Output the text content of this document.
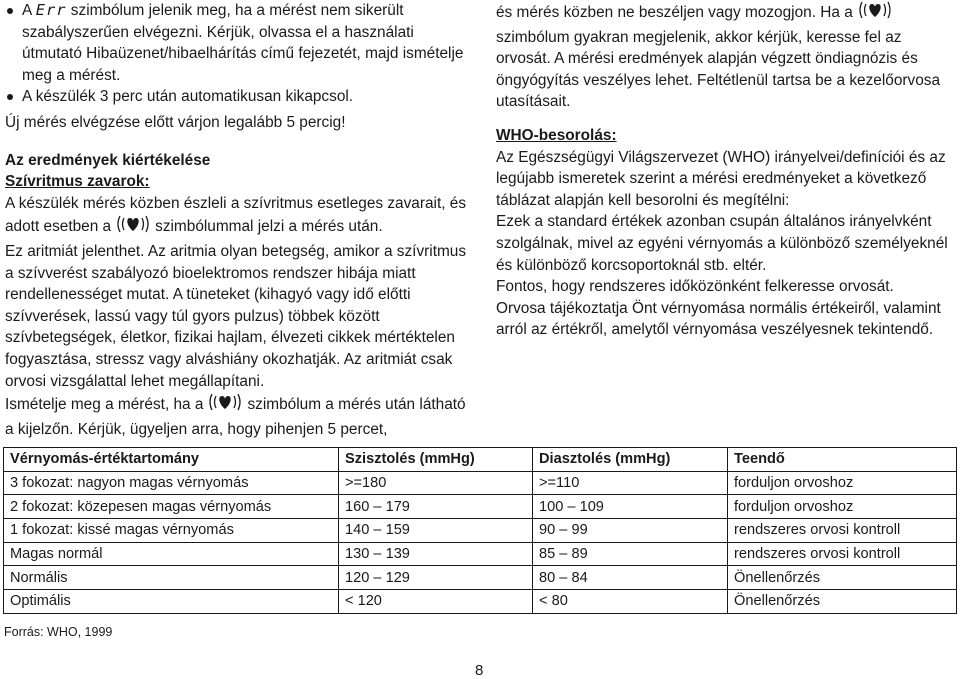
A Err szimbólum jelenik meg, ha a mérést nem sikerült szabályszerűen elvégezni. Kérjük, olvassa el a használati útmutató Hibaüzenet/hibaelhárítás című fejezetét, majd ismételje meg a mérést.

A készülék 3 perc után automatikusan kikapcsol.

Új mérés elvégzése előtt várjon legalább 5 percig!

Az eredmények kiértékelése

Szívritmus zavarok:

A készülék mérés közben észleli a szívritmus esetleges zavarait, és adott esetben a	szimbólummal jelzi a mérés után.

Ez aritmiát jelenthet. Az aritmia olyan betegség, amikor a szívritmus a szívverést szabályozó bioelektromos rendszer hibája miatt rendellenességet mutat. A tüneteket (kihagyó vagy idő előtti szívverések, lassú vagy túl gyors pulzus) többek között szívbetegségek, életkor, fizikai hajlam, élvezeti cikkek mértéktelen fogyasztása, stressz vagy alváshiány okozhatják. Az aritmiát csak orvosi vizsgálattal lehet megállapítani.

Ismételje meg a mérést, ha a	szimbólum a mérés után látható a kijelzőn. Kérjük, ügyeljen arra, hogy pihenjen 5 percet,

és mérés közben ne beszéljen vagy mozogjon. Ha aszimbólum gyakran megjelenik, akkor kérjük, keresse fel az orvosát. A mérési eredmények alapján végzett öndiagnózis és öngyógyítás veszélyes lehet. Feltétlenül tartsa be a kezelőorvosa utasításait.

WHO-besorolás:

Az Egészségügyi Világszervezet (WHO) irányelvei/definíciói és az legújabb ismeretek szerint a mérési eredményeket a következő táblázat alapján kell besorolni és megítélni:

Ezek a standard értékek azonban csupán általános irányelvként szolgálnak, mivel az egyéni vérnyomás a különböző személyeknél és különböző korcsoportoknál stb. eltér.

Fontos, hogy rendszeres időközönként felkeresse orvosát.

Orvosa tájékoztatja Önt vérnyomása normális értékeiről, valamint arról az értékről, amelytől vérnyomása veszélyesnek tekintendő.

Vérnyomás-értéktartomány	Szisztolés (mmHg)	Diasztolés (mmHg)	Teendő
3 fokozat: nagyon magas vérnyomás	>=180	>=110	forduljon orvoshoz
2 fokozat: közepesen magas vérnyomás	160 – 179	100 – 109	forduljon orvoshoz
1 fokozat: kissé magas vérnyomás	140 – 159	90 – 99	rendszeres orvosi kontroll
Magas normál	130 – 139	85 – 89	rendszeres orvosi kontroll
Normális	120 – 129	80 – 84	Önellenőrzés
Optimális	< 120	< 80	Önellenőrzés
Forrás: WHO, 1999
8
